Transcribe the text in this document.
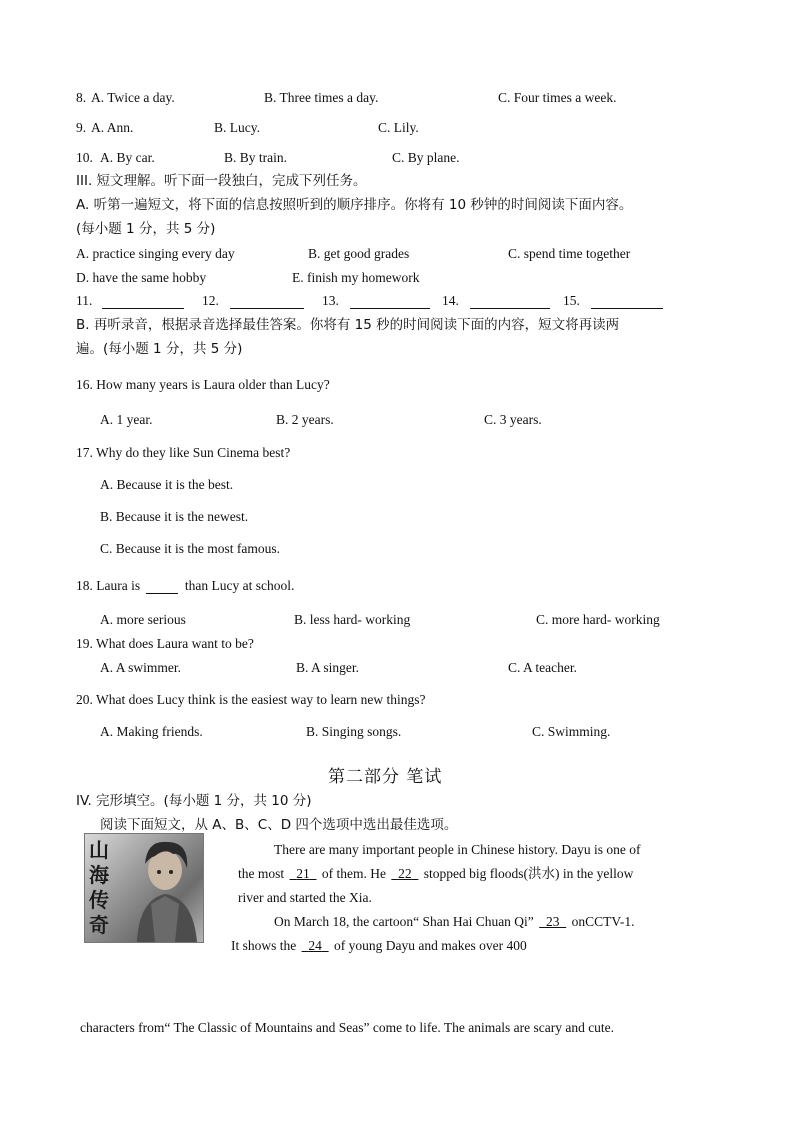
8. A. Twice a day.	B. Three times a day.	C. Four times a week.
9. A. Ann.	B. Lucy.	C. Lily.
10. A. By car.	B. By train.	C. By plane.
III. 短文理解。听下面一段独白，完成下列任务。
A. 听第一遍短文，将下面的信息按照听到的顺序排序。你将有 10 秒钟的时间阅读下面内容。
(每小题 1 分，共 5 分)
A. practice singing every day	B. get good grades	C. spend time together
D. have the same hobby	E. finish my homework
11.	12.	13.	14.	15.
B. 再听录音，根据录音选择最佳答案。你将有 15 秒的时间阅读下面的内容，短文将再读两
遍。(每小题 1 分，共 5 分)
16. How many years is Laura older than Lucy?
A. 1 year.	B. 2 years.	C. 3 years.
17. Why do they like Sun Cinema best?
A. Because it is the best.
B. Because it is the newest.
C. Because it is the most famous.
18. Laura is	than Lucy at school.
A. more serious	B. less hard- working	C. more hard- working
19. What does Laura want to be?
A. A swimmer.	B. A singer.	C. A teacher.
20. What does Lucy think is the easiest way to learn new things?
A. Making friends.	B. Singing songs.	C. Swimming.
第二部分 笔试
IV. 完形填空。(每小题 1 分，共 10 分)
阅读下面短文，从 A、B、C、D 四个选项中选出最佳选项。
山
海
传
奇
There are many important people in Chinese history. Dayu is one of
the most 21 of them. He 22 stopped big floods(洪水) in the yellow
river and started the Xia.
On March 18, the cartoon“ Shan Hai Chuan Qi” 23 onCCTV-1.
It shows the 24 of young Dayu and makes over 400
characters from“ The Classic of Mountains and Seas” come to life. The animals are scary and cute.
